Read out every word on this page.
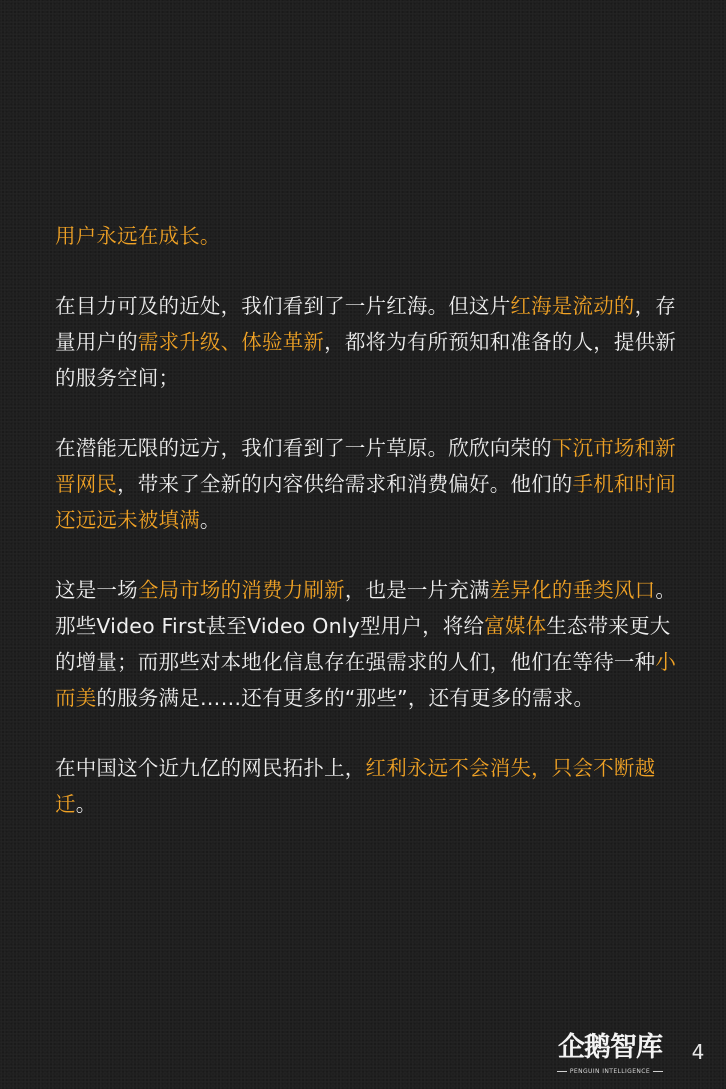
用户永远在成长。

在目力可及的近处，我们看到了一片红海。但这片红海是流动的，存量用户的需求升级、体验革新，都将为有所预知和准备的人，提供新的服务空间；

在潜能无限的远方，我们看到了一片草原。欣欣向荣的下沉市场和新晋网民，带来了全新的内容供给需求和消费偏好。他们的手机和时间还远远未被填满。

这是一场全局市场的消费力刷新，也是一片充满差异化的垂类风口。那些Video First甚至Video Only型用户，将给富媒体生态带来更大的增量；而那些对本地化信息存在强需求的人们，他们在等待一种小而美的服务满足……还有更多的“那些”，还有更多的需求。

在中国这个近九亿的网民拓扑上，红利永远不会消失，只会不断越迁。

企鹅智库
PENGUIN INTELLIGENCE
4
